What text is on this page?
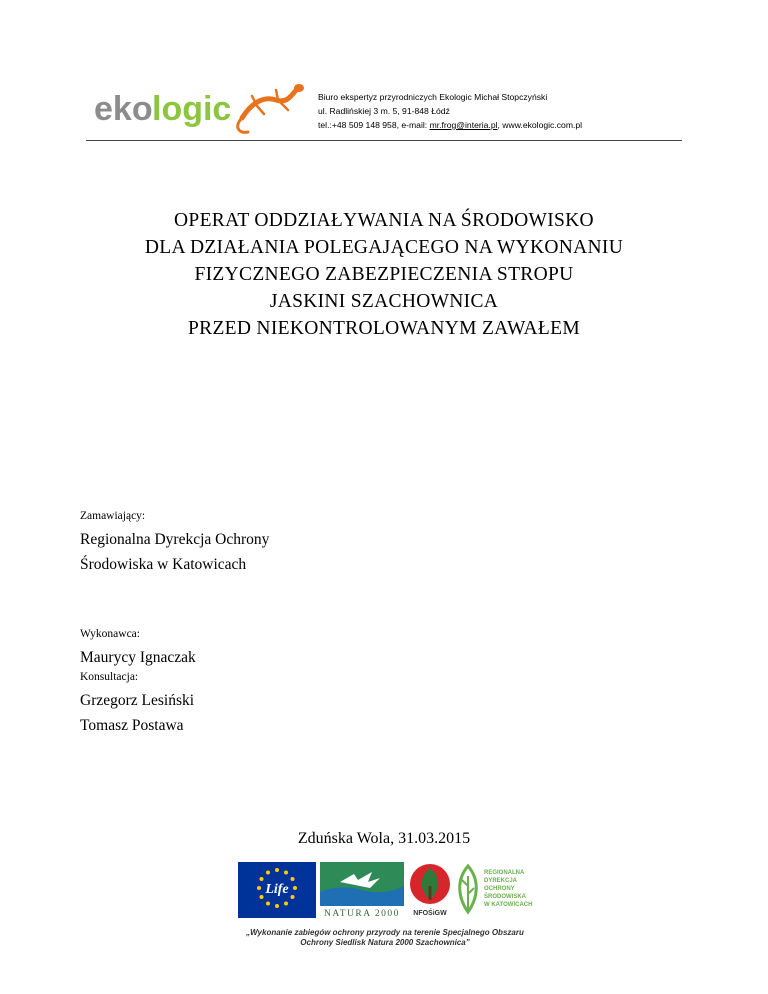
eko logic	Biuro ekspertyz przyrodniczych Ekologic Michał Stopczyński
ul. Radlińskiej 3 m. 5, 91-848 Łódź
tel.:+48 509 148 958, e-mail: mr.frog@interia.pl, www.ekologic.com.pl
OPERAT ODDZIAŁYWANIA NA ŚRODOWISKO
DLA DZIAŁANIA POLEGAJĄCEGO NA WYKONANIU
FIZYCZNEGO ZABEZPIECZENIA STROPU
JASKINI SZACHOWNICA
PRZED NIEKONTROLOWANYM ZAWAŁEM
Zamawiający:
Regionalna Dyrekcja Ochrony
Środowiska w Katowicach
Wykonawca:
Maurycy Ignaczak
Konsultacja:
Grzegorz Lesiński
Tomasz Postawa
Zduńska Wola, 31.03.2015
Life
NATURA 2000 NFOŚiGW
REGIONALNA
DYREKCJA
OCHRONY
ŚRODOWISKA
W KATOWICACH
„Wykonanie zabiegów ochrony przyrody na terenie Specjalnego Obszaru
Ochrony Siedlisk Natura 2000 Szachownica”
